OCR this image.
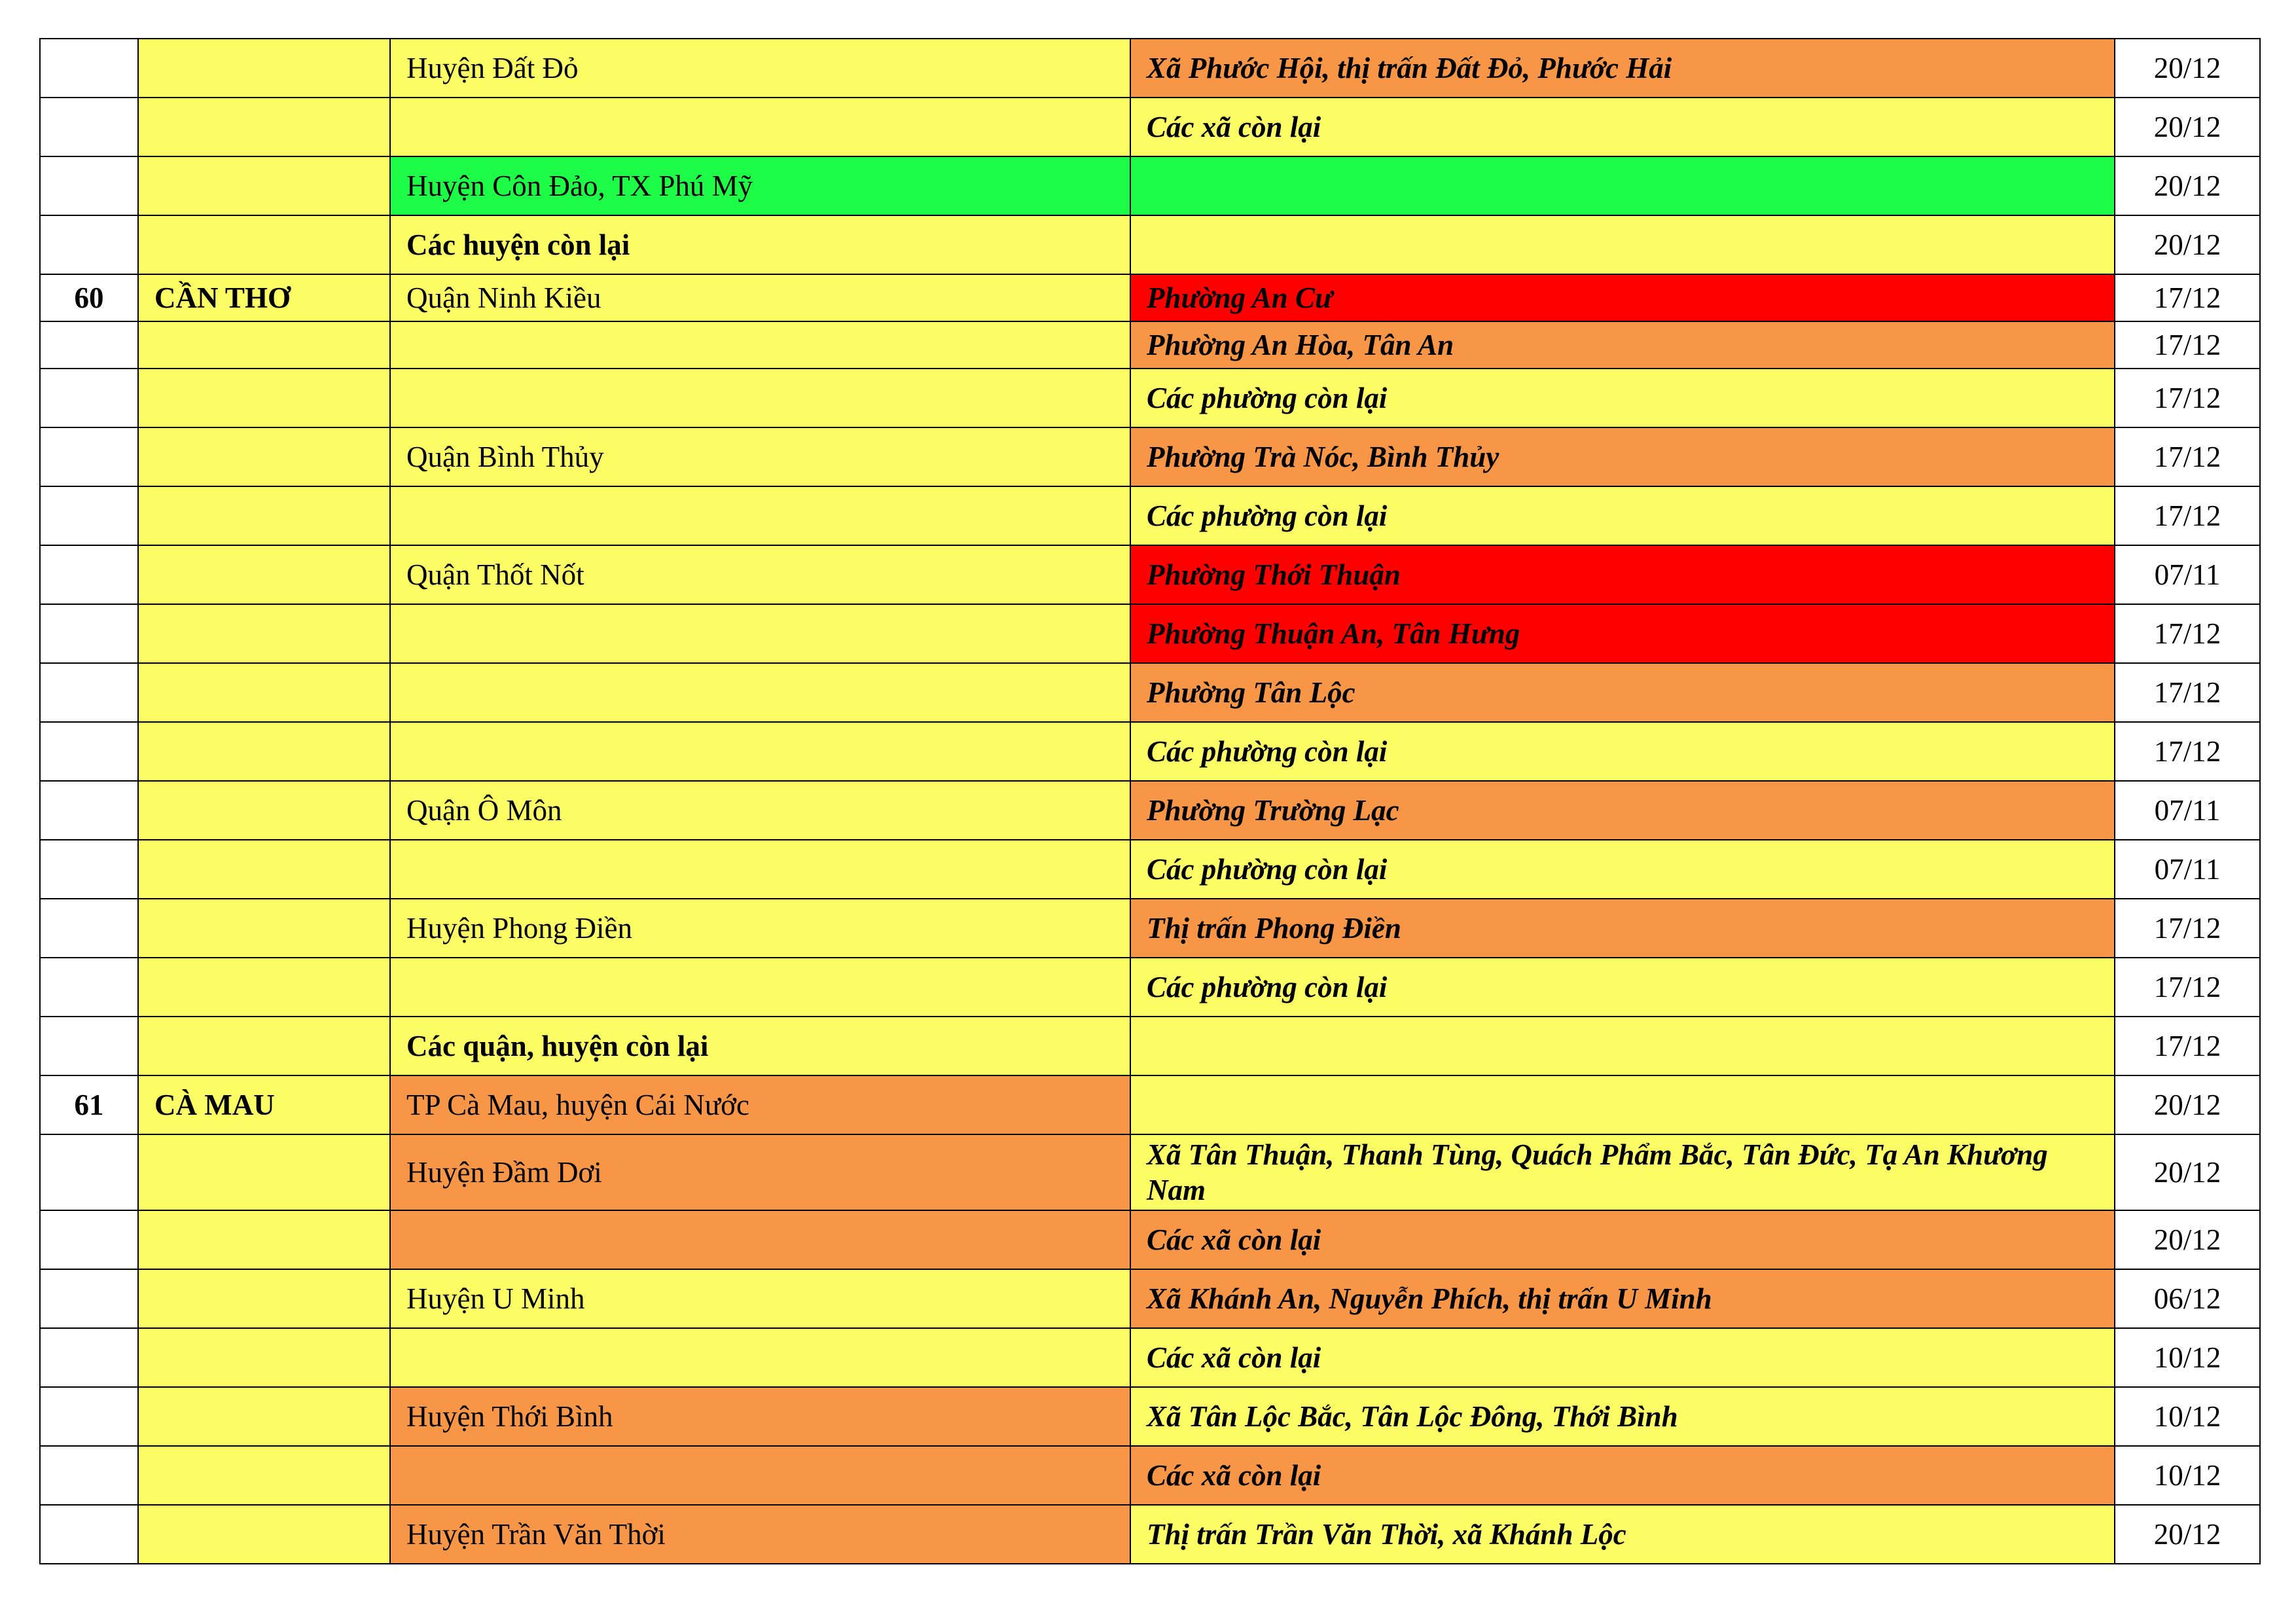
		Huyện Đất Đỏ	Xã Phước Hội, thị trấn Đất Đỏ, Phước Hải	20/12
			Các xã còn lại	20/12
		Huyện Côn Đảo, TX Phú Mỹ		20/12
		Các huyện còn lại		20/12
60	CẦN THƠ	Quận Ninh Kiều	Phường An Cư	17/12
			Phường An Hòa, Tân An	17/12
			Các phường còn lại	17/12
		Quận Bình Thủy	Phường Trà Nóc, Bình Thủy	17/12
			Các phường còn lại	17/12
		Quận Thốt Nốt	Phường Thới Thuận	07/11
			Phường Thuận An, Tân Hưng	17/12
			Phường Tân Lộc	17/12
			Các phường còn lại	17/12
		Quận Ô Môn	Phường Trường Lạc	07/11
			Các phường còn lại	07/11
		Huyện Phong Điền	Thị trấn Phong Điền	17/12
			Các phường còn lại	17/12
		Các quận, huyện còn lại		17/12
61	CÀ MAU	TP Cà Mau, huyện Cái Nước		20/12
		Huyện Đầm Dơi	Xã Tân Thuận, Thanh Tùng, Quách Phẩm Bắc, Tân Đức, Tạ An Khương Nam	20/12
			Các xã còn lại	20/12
		Huyện U Minh	Xã Khánh An, Nguyễn Phích, thị trấn U Minh	06/12
			Các xã còn lại	10/12
		Huyện Thới Bình	Xã Tân Lộc Bắc, Tân Lộc Đông, Thới Bình	10/12
			Các xã còn lại	10/12
		Huyện Trần Văn Thời	Thị trấn Trần Văn Thời, xã Khánh Lộc	20/12
